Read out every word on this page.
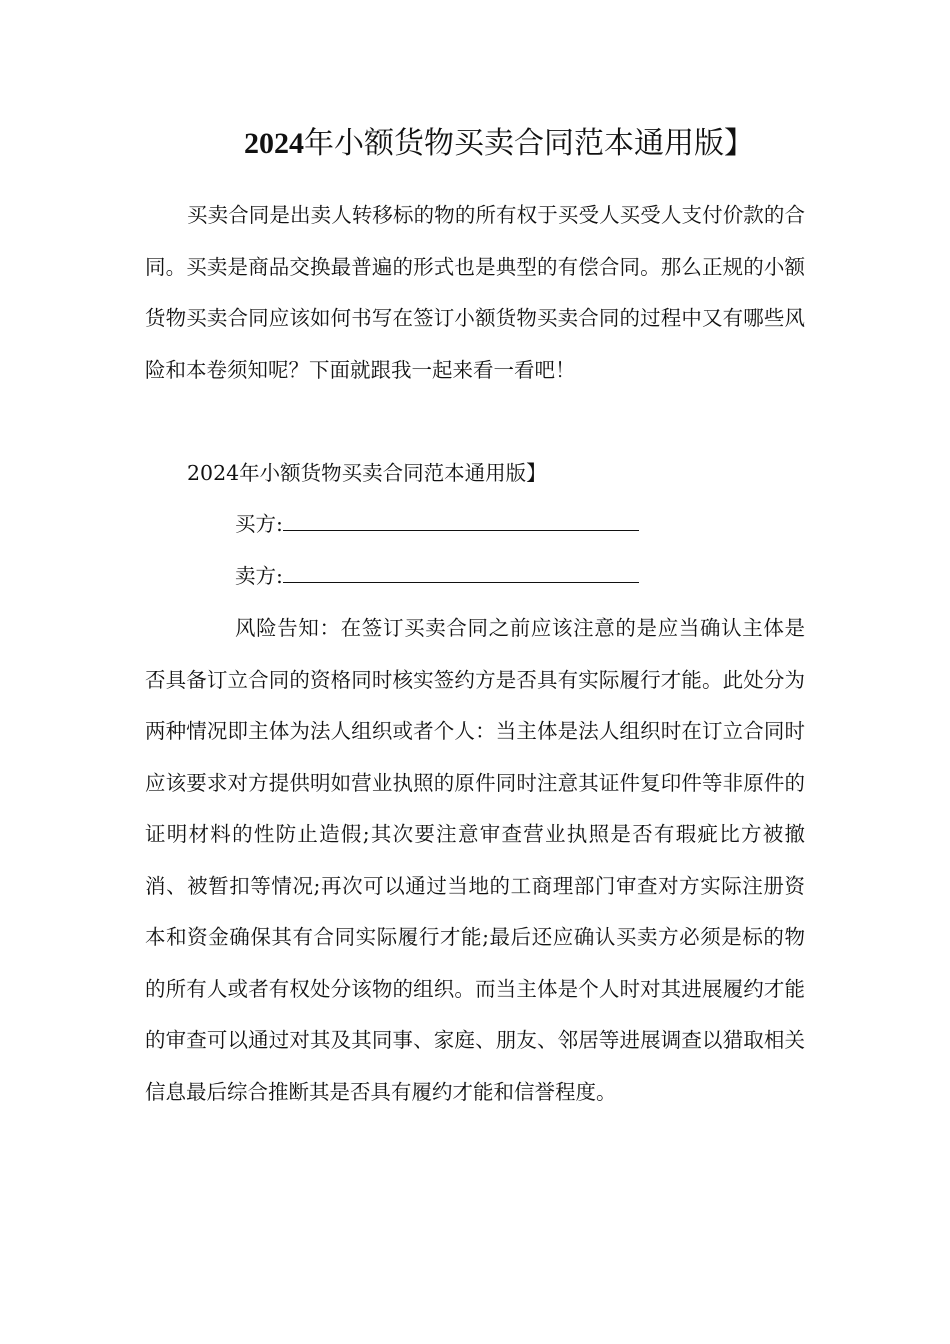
2024年小额货物买卖合同范本通用版】

买卖合同是出卖人转移标的物的所有权于买受人买受人支付价款的合同。买卖是商品交换最普遍的形式也是典型的有偿合同。那么正规的小额货物买卖合同应该如何书写在签订小额货物买卖合同的过程中又有哪些风险和本卷须知呢？下面就跟我一起来看一看吧！

2024年小额货物买卖合同范本通用版】

买方:
卖方:

风险告知：在签订买卖合同之前应该注意的是应当确认主体是否具备订立合同的资格同时核实签约方是否具有实际履行才能。此处分为两种情况即主体为法人组织或者个人：当主体是法人组织时在订立合同时应该要求对方提供明如营业执照的原件同时注意其证件复印件等非原件的证明材料的性防止造假;其次要注意审查营业执照是否有瑕疵比方被撤消、被暂扣等情况;再次可以通过当地的工商理部门审查对方实际注册资本和资金确保其有合同实际履行才能;最后还应确认买卖方必须是标的物的所有人或者有权处分该物的组织。而当主体是个人时对其进展履约才能的审查可以通过对其及其同事、家庭、朋友、邻居等进展调查以猎取相关信息最后综合推断其是否具有履约才能和信誉程度。
